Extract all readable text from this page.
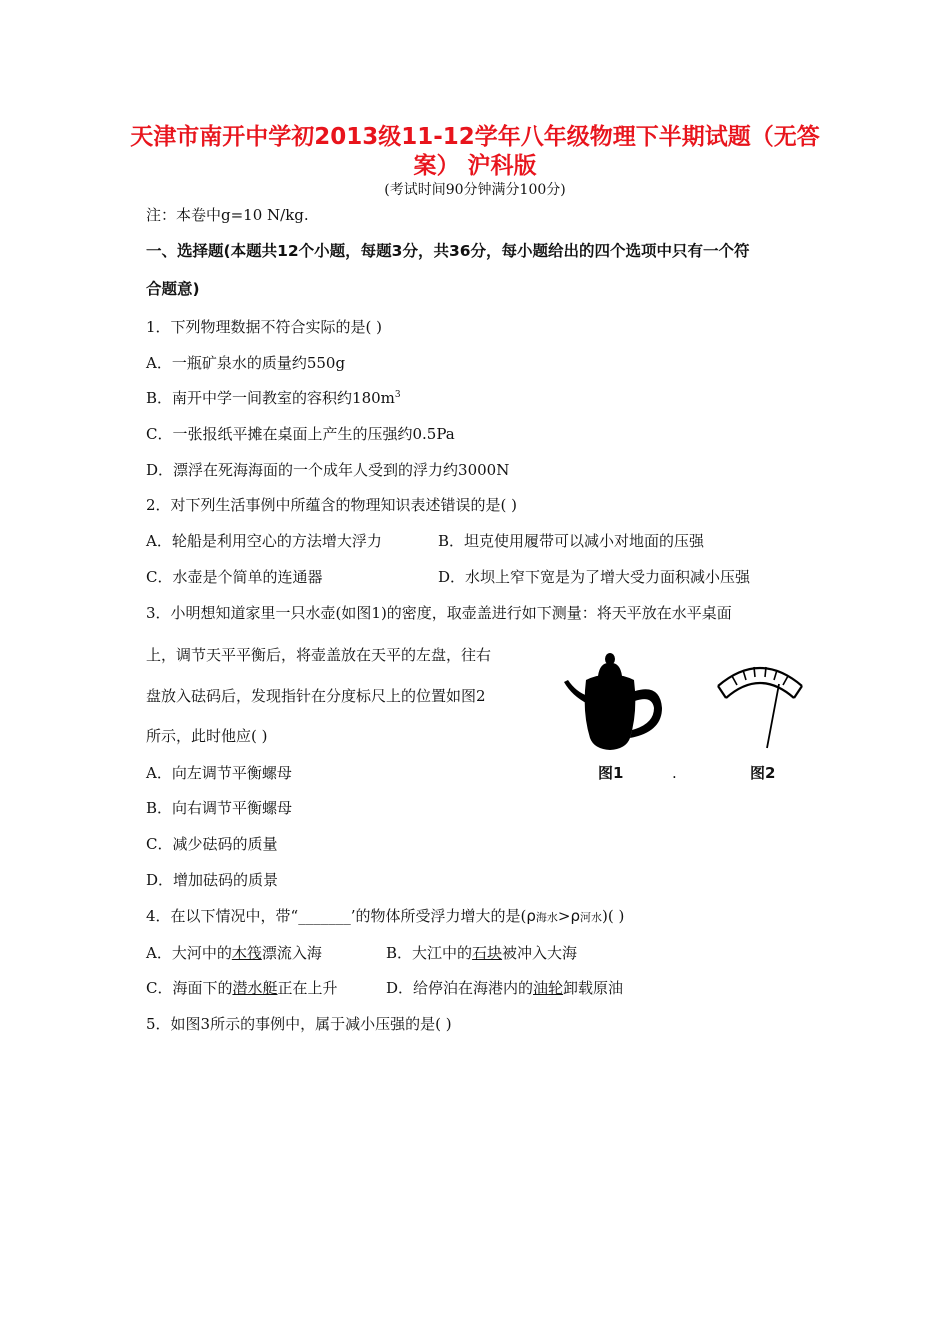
天津市南开中学初2013级11-12学年八年级物理下半期试题（无答
案） 沪科版
(考试时间90分钟满分100分)
注：本卷中g=10 N/kg.
一、选择题(本题共12个小题，每题3分，共36分，每小题给出的四个选项中只有一个符
合题意)
1．下列物理数据不符合实际的是( )
A．一瓶矿泉水的质量约550g
B．南开中学一间教室的容积约$180m^3$
C．一张报纸平摊在桌面上产生的压强约0.5Pa
D．漂浮在死海海面的一个成年人受到的浮力约3000N
2．对下列生活事例中所蕴含的物理知识表述错误的是( )
A．轮船是利用空心的方法增大浮力	B．坦克使用履带可以减小对地面的压强
C．水壶是个简单的连通器	D．水坝上窄下宽是为了增大受力面积减小压强
3．小明想知道家里一只水壶(如图1)的密度，取壶盖进行如下测量：将天平放在水平桌面
上，调节天平平衡后，将壶盖放在天平的左盘，往右
盘放入砝码后，发现指针在分度标尺上的位置如图2
所示，此时他应( )
A．向左调节平衡螺母
B．向右调节平衡螺母
C．减少砝码的质量
D．增加砝码的质景
图1	.	图2
4．在以下情况中，带“_______’的物体所受浮力增大的是(ρ海水>ρ河水)( )
A．大河中的木筏漂流入海	B．大江中的石块被冲入大海
C．海面下的潜水艇正在上升	D．给停泊在海港内的油轮卸载原油
5．如图3所示的事例中，属于减小压强的是( )
